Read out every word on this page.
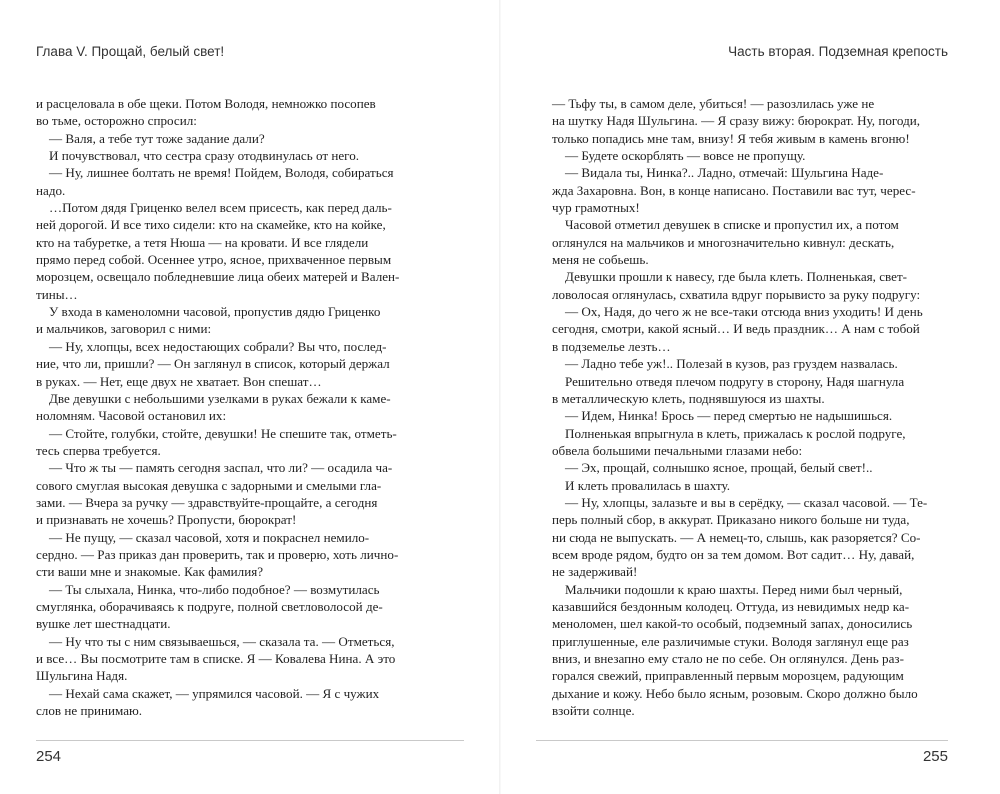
Глава V. Прощай, белый свет!

и расцеловала в обе щеки. Потом Володя, немножко посопев

во тьме, осторожно спросил:

— Валя, а тебе тут тоже задание дали?

И почувствовал, что сестра сразу отодвинулась от него.

— Ну, лишнее болтать не время! Пойдем, Володя, собираться

надо.

…Потом дядя Гриценко велел всем присесть, как перед даль-

ней дорогой. И все тихо сидели: кто на скамейке, кто на койке,

кто на табуретке, а тетя Нюша — на кровати. И все глядели

прямо перед собой. Осеннее утро, ясное, прихваченное первым

морозцем, освещало побледневшие лица обеих матерей и Вален-

тины…

У входа в каменоломни часовой, пропустив дядю Гриценко

и мальчиков, заговорил с ними:

— Ну, хлопцы, всех недостающих собрали? Вы что, послед-

ние, что ли, пришли? — Он заглянул в список, который держал

в руках. — Нет, еще двух не хватает. Вон спешат…

Две девушки с небольшими узелками в руках бежали к камe-

ноломням. Часовой остановил их:

— Стойте, голубки, стойте, девушки! Не спешите так, отметь-

тесь сперва требуется.

— Что ж ты — память сегодня заспал, что ли? — осадила ча-

сового смуглая высокая девушка с задорными и смелыми гла-

зами. — Вчера за ручку — здравствуйте-прощайте, а сегодня

и признавать не хочешь? Пропусти, бюрократ!

— Не пущу, — сказал часовой, хотя и покраснел немило-

сердно. — Раз приказ дан проверить, так и проверю, хоть личнo-

сти ваши мне и знакомые. Как фамилия?

— Ты слыхала, Нинка, что-либо подобное? — возмутилась

смуглянка, оборачиваясь к подруге, полной светловолосой де-

вушке лет шестнадцати.

— Ну что ты с ним связываешься, — сказала та. — Отметься,

и все… Вы посмотрите там в списке. Я — Ковалева Нина. А это

Шульгина Надя.

— Нехай сама скажет, — упрямился часовой. — Я с чужих

слов не принимаю.

254
Часть вторая. Подземная крепость

— Тьфу ты, в самом деле, убиться! — разозлилась уже не

на шутку Надя Шульгина. — Я сразу вижу: бюрократ. Ну, погоди,

только попадись мне там, внизу! Я тебя живым в камень вгоню!

— Будете оскорблять — вовсе не пропущу.

— Видала ты, Нинка?.. Ладно, отмечай: Шульгина Наде-

жда Захаровна. Вон, в конце написано. Поставили вас тут, черес-

чур грамотных!

Часовой отметил девушек в списке и пропустил их, а потом

оглянулся на мальчиков и многозначительно кивнул: дескать,

меня не собьешь.

Девушки прошли к навесу, где была клеть. Полненькая, свет-

ловолосая оглянулась, схватила вдруг порывисто за руку подругу:

— Ох, Надя, до чего ж не все-таки отсюда вниз уходить! И день

сегодня, смотри, какой ясный… И ведь праздник… А нам с тобой

в подземелье лезть…

— Ладно тебе уж!.. Полезай в кузов, раз груздем назвалась.

Решительно отведя плечом подругу в сторону, Надя шагнула

в металлическую клеть, поднявшуюся из шахты.

— Идем, Нинка! Брось — перед смертью не надышишься.

Полненькая впрыгнула в клеть, прижалась к рослой подруге,

обвела большими печальными глазами небо:

— Эх, прощай, солнышко ясное, прощай, белый свет!..

И клеть провалилась в шахту.

— Ну, хлопцы, залазьте и вы в серёдку, — сказал часовой. — Те-

перь полный сбор, в аккурат. Приказано никого больше ни туда,

ни сюда не выпускать. — А немец-то, слышь, как разоряется? Со-

всем вроде рядом, будто он за тем домом. Вот садит… Ну, давай,

не задерживай!

Мальчики подошли к краю шахты. Перед ними был черный,

казавшийся бездонным колодец. Оттуда, из невидимых недр ка-

меноломен, шел какой-то особый, подземный запах, доносились

приглушенные, еле различимые стуки. Володя заглянул еще раз

вниз, и внезапно ему стало не по себе. Он оглянулся. День раз-

горался свежий, приправленный первым морозцем, радующим

дыхание и кожу. Небо было ясным, розовым. Скоро должно было

взойти солнце.

255
